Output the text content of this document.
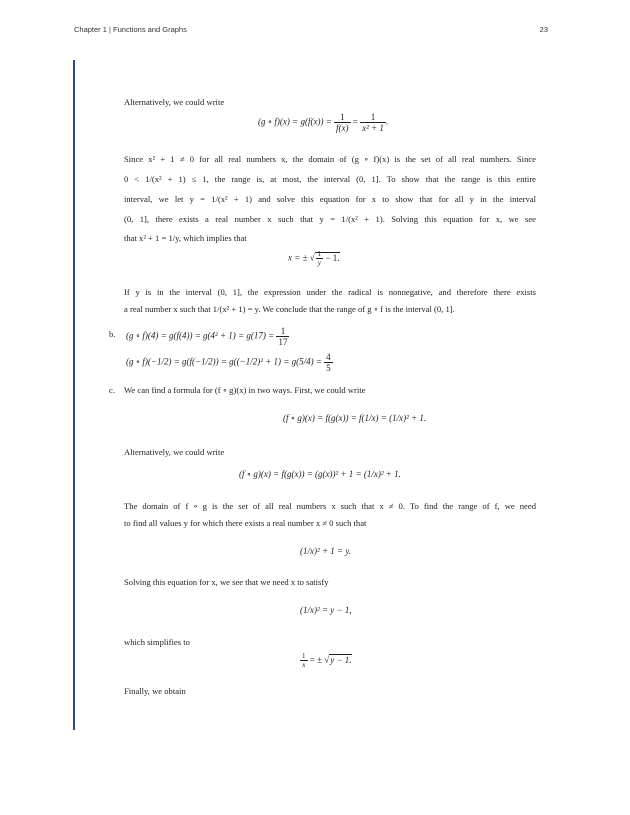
Chapter 1 | Functions and Graphs	23
Alternatively, we could write
(g ∘ $f)(x) = g(f(x)) = \frac{1}{f(x)} = \frac{1}{\text{x² + 1}}$ .
Since x² + 1 ≠ 0 for all real numbers x, the domain of (g ∘ f)(x) is the set of all real numbers. Since
0 < 1/(x² + 1) ≤ 1, the range is, at most, the interval (0, 1]. To show that the range is this entire
interval, we let y = 1/(x² + 1) and solve this equation for x to show that for all y in the interval
(0, 1], there exists a real number x such that y = 1/(x² + 1). Solving this equation for x, we see
that x² + 1 = 1/y, which implies that
x = ± √ $\frac{1}{y} - 1$.
If y is in the interval (0, 1], the expression under the radical is nonnegative, and therefore there exists
a real number x such that 1/(x² + 1) = y. We conclude that the range of g ∘ f is the interval (0, 1].
b. (g ∘ $f)(4) = g(f(4)) = g(4^2 + 1) = g(17) = \frac{1}{17}$
(g ∘ $f)(-1/2) = g(f(-1/2)) = g((-1/2)^2 + 1) = g(5/4) = \frac{4}{5}$
c. We can find a formula for (f ∘ g)(x) in two ways. First, we could write
(f ∘ g)(x) = f(g(x)) = f(1/x) = (1/x)² + 1.
Alternatively, we could write
(f ∘ g)(x) = f(g(x)) = (g(x))² + 1 = (1/x)² + 1.
The domain of f ∘ g is the set of all real numbers x such that x ≠ 0. To find the range of f, we need
to find all values y for which there exists a real number x ≠ 0 such that
(1/x)² + 1 = y.
Solving this equation for x, we see that we need x to satisfy
(1/x)² = y − 1,
which simplifies to
$\frac{1}{x}$ = ± √y − 1.
Finally, we obtain
